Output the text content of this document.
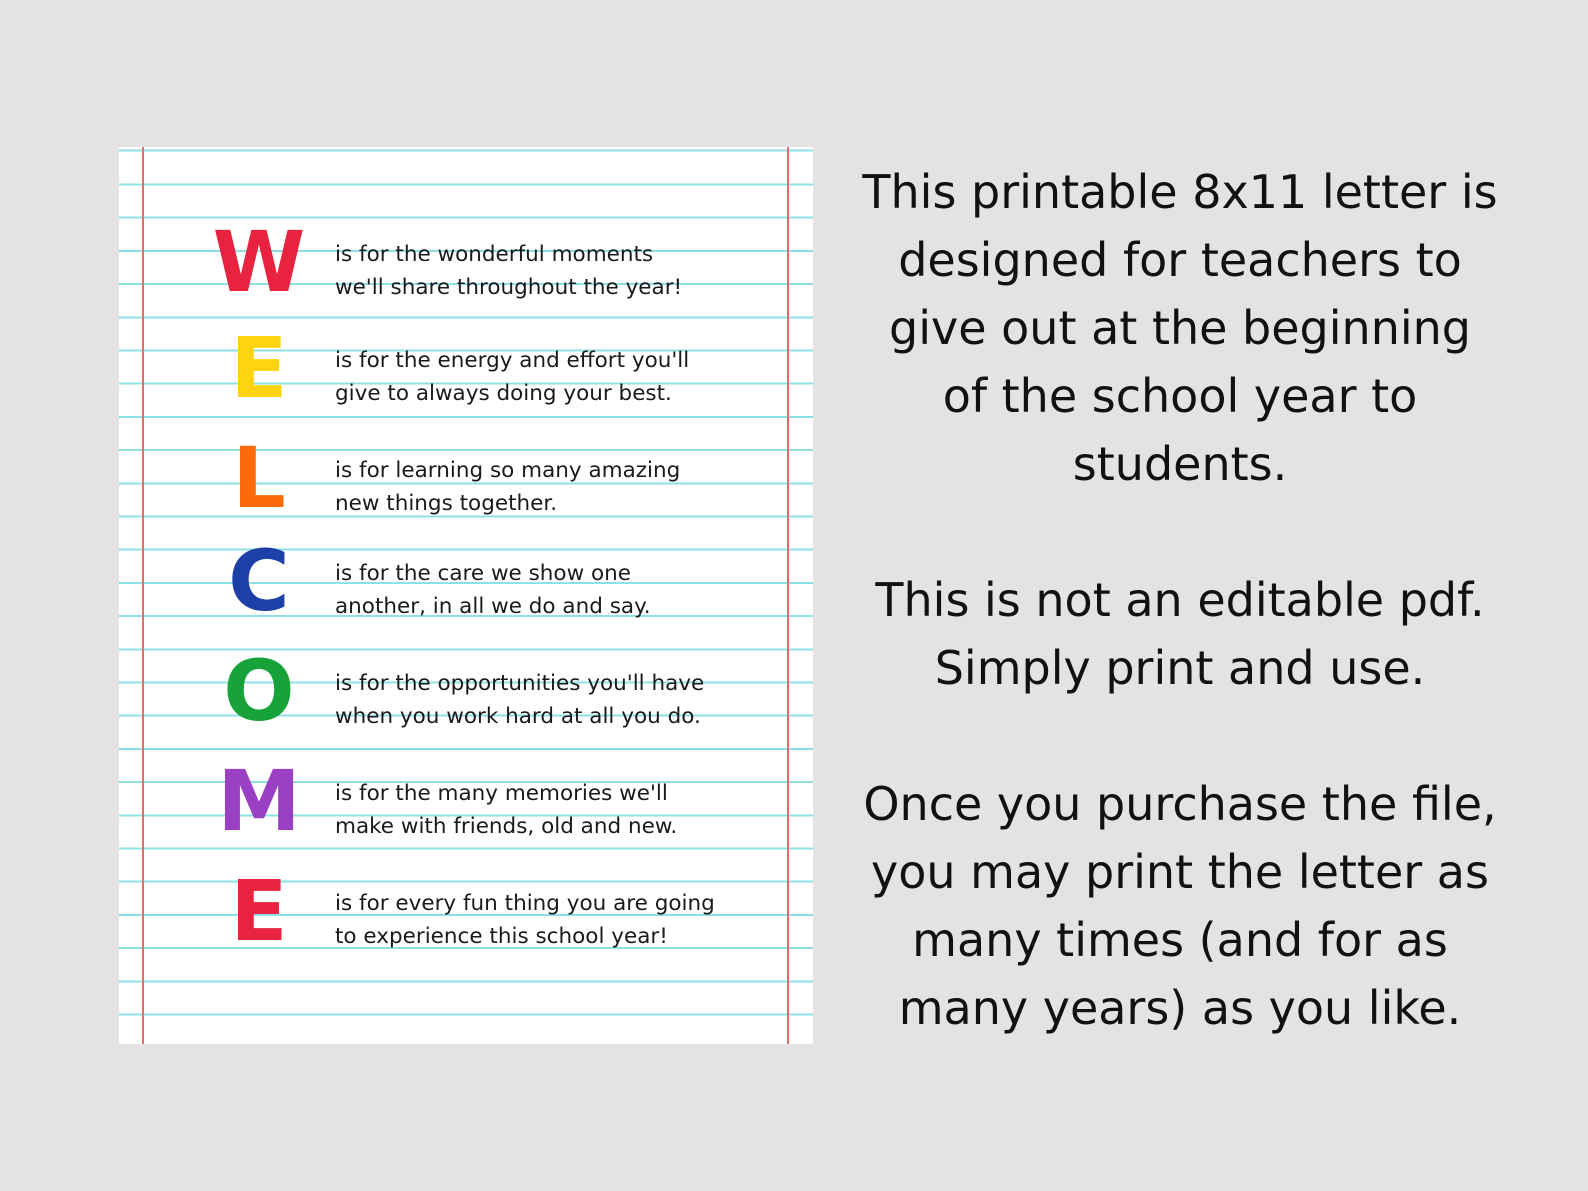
W	is for the wonderful moments
we'll share throughout the year!
E	is for the energy and effort you'll
give to always doing your best.
L	is for learning so many amazing
new things together.
C	is for the care we show one
another, in all we do and say.
O	is for the opportunities you'll have
when you work hard at all you do.
M	is for the many memories we'll
make with friends, old and new.
E	is for every fun thing you are going
to experience this school year!
This printable 8x11 letter is
designed for teachers to
give out at the beginning
of the school year to
students.
This is not an editable pdf.
Simply print and use.
Once you purchase the file,
you may print the letter as
many times (and for as
many years) as you like.
